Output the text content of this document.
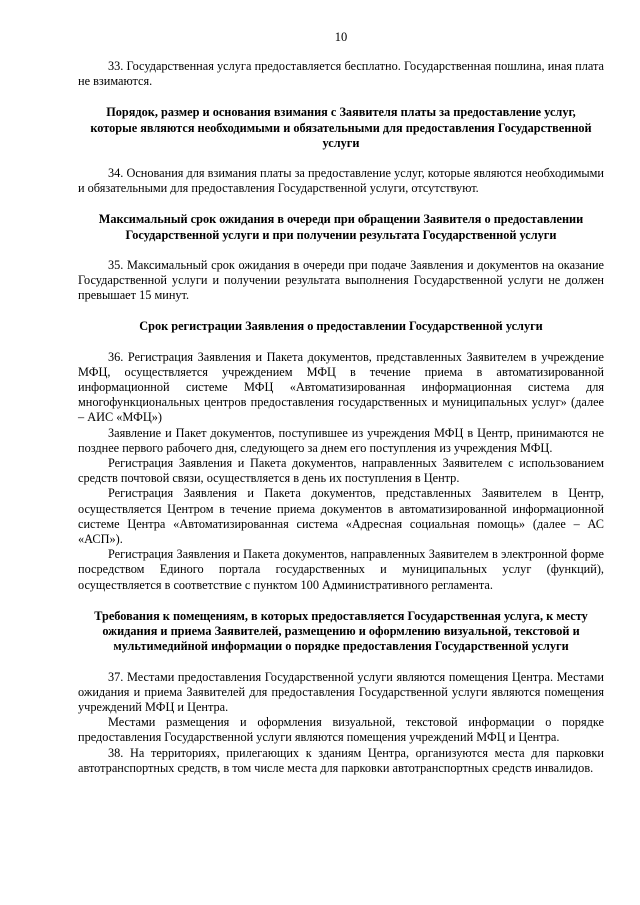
10

33. Государственная услуга предоставляется бесплатно. Государственная пошлина, иная плата не взимаются.

Порядок, размер и основания взимания с Заявителя платы за предоставление услуг, которые являются необходимыми и обязательными для предоставления Государственной услуги

34. Основания для взимания платы за предоставление услуг, которые являются необходимыми и обязательными для предоставления Государственной услуги, отсутствуют.

Максимальный срок ожидания в очереди при обращении Заявителя о предоставлении Государственной услуги и при получении результата Государственной услуги

35. Максимальный срок ожидания в очереди при подаче Заявления и документов на оказание Государственной услуги и получении результата выполнения Государственной услуги не должен превышает 15 минут.

Срок регистрации Заявления о предоставлении Государственной услуги

36. Регистрация Заявления и Пакета документов, представленных Заявителем в учреждение МФЦ, осуществляется учреждением МФЦ в течение приема в автоматизированной информационной системе МФЦ «Автоматизированная информационная система для многофункциональных центров предоставления государственных и муниципальных услуг» (далее – АИС «МФЦ»)

Заявление и Пакет документов, поступившее из учреждения МФЦ в Центр, принимаются не позднее первого рабочего дня, следующего за днем его поступления из учреждения МФЦ.

Регистрация Заявления и Пакета документов, направленных Заявителем с использованием средств почтовой связи, осуществляется в день их поступления в Центр.

Регистрация Заявления и Пакета документов, представленных Заявителем в Центр, осуществляется Центром в течение приема документов в автоматизированной информационной системе Центра «Автоматизированная система «Адресная социальная помощь» (далее – АС «АСП»).

Регистрация Заявления и Пакета документов, направленных Заявителем в электронной форме посредством Единого портала государственных и муниципальных услуг (функций), осуществляется в соответствие с пунктом 100 Административного регламента.

Требования к помещениям, в которых предоставляется Государственная услуга, к месту ожидания и приема Заявителей, размещению и оформлению визуальной, текстовой и мультимедийной информации о порядке предоставления Государственной услуги

37. Местами предоставления Государственной услуги являются помещения Центра. Местами ожидания и приема Заявителей для предоставления Государственной услуги являются помещения учреждений МФЦ и Центра.

Местами размещения и оформления визуальной, текстовой информации о порядке предоставления Государственной услуги являются помещения учреждений МФЦ и Центра.

38. На территориях, прилегающих к зданиям Центра, организуются места для парковки автотранспортных средств, в том числе места для парковки автотранспортных средств инвалидов.
